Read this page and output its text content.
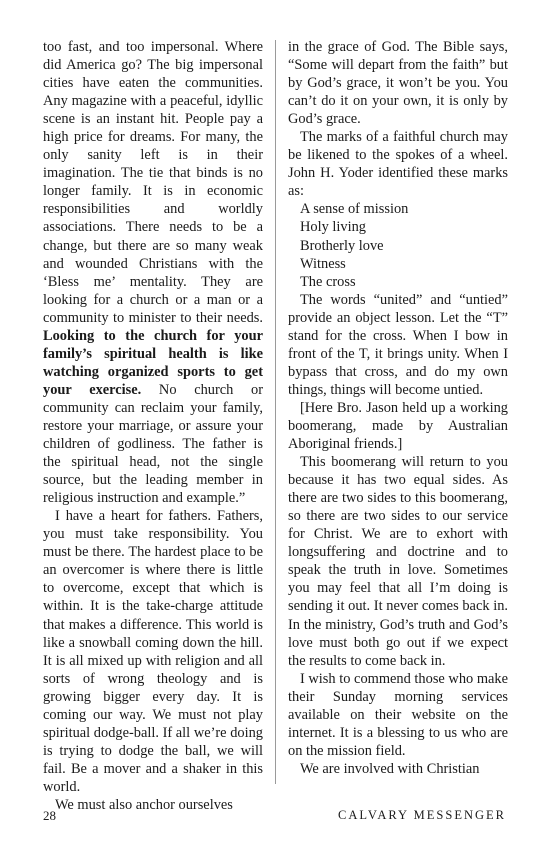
too fast, and too impersonal. Where did America go? The big impersonal cities have eaten the communities. Any magazine with a peaceful, idyllic scene is an instant hit. People pay a high price for dreams. For many, the only sanity left is in their imagination. The tie that binds is no longer family. It is in economic responsibilities and worldly associations. There needs to be a change, but there are so many weak and wounded Christians with the ‘Bless me’ mentality. They are looking for a church or a man or a community to minister to their needs. Looking to the church for your family’s spiritual health is like watching organized sports to get your exercise. No church or community can reclaim your family, restore your marriage, or assure your children of godliness. The father is the spiritual head, not the single source, but the leading member in religious instruction and example.”

I have a heart for fathers. Fathers, you must take responsibility. You must be there. The hardest place to be an overcomer is where there is little to overcome, except that which is within. It is the take-charge attitude that makes a difference. This world is like a snowball coming down the hill. It is all mixed up with religion and all sorts of wrong theology and is growing bigger every day. It is coming our way. We must not play spiritual dodge-ball. If all we’re doing is trying to dodge the ball, we will fail. Be a mover and a shaker in this world.

We must also anchor ourselves

in the grace of God. The Bible says, “Some will depart from the faith” but by God’s grace, it won’t be you. You can’t do it on your own, it is only by God’s grace.

The marks of a faithful church may be likened to the spokes of a wheel. John H. Yoder identified these marks as:

A sense of mission

Holy living

Brotherly love

Witness

The cross

The words “united” and “untied” provide an object lesson. Let the “T” stand for the cross. When I bow in front of the T, it brings unity. When I bypass that cross, and do my own things, things will become untied.

[Here Bro. Jason held up a working boomerang, made by Australian Aboriginal friends.]

This boomerang will return to you because it has two equal sides. As there are two sides to this boomerang, so there are two sides to our service for Christ. We are to exhort with longsuffering and doctrine and to speak the truth in love. Sometimes you may feel that all I’m doing is sending it out. It never comes back in. In the ministry, God’s truth and God’s love must both go out if we expect the results to come back in.

I wish to commend those who make their Sunday morning services available on their website on the internet. It is a blessing to us who are on the mission field.

We are involved with Christian

28	CALVARY MESSENGER
